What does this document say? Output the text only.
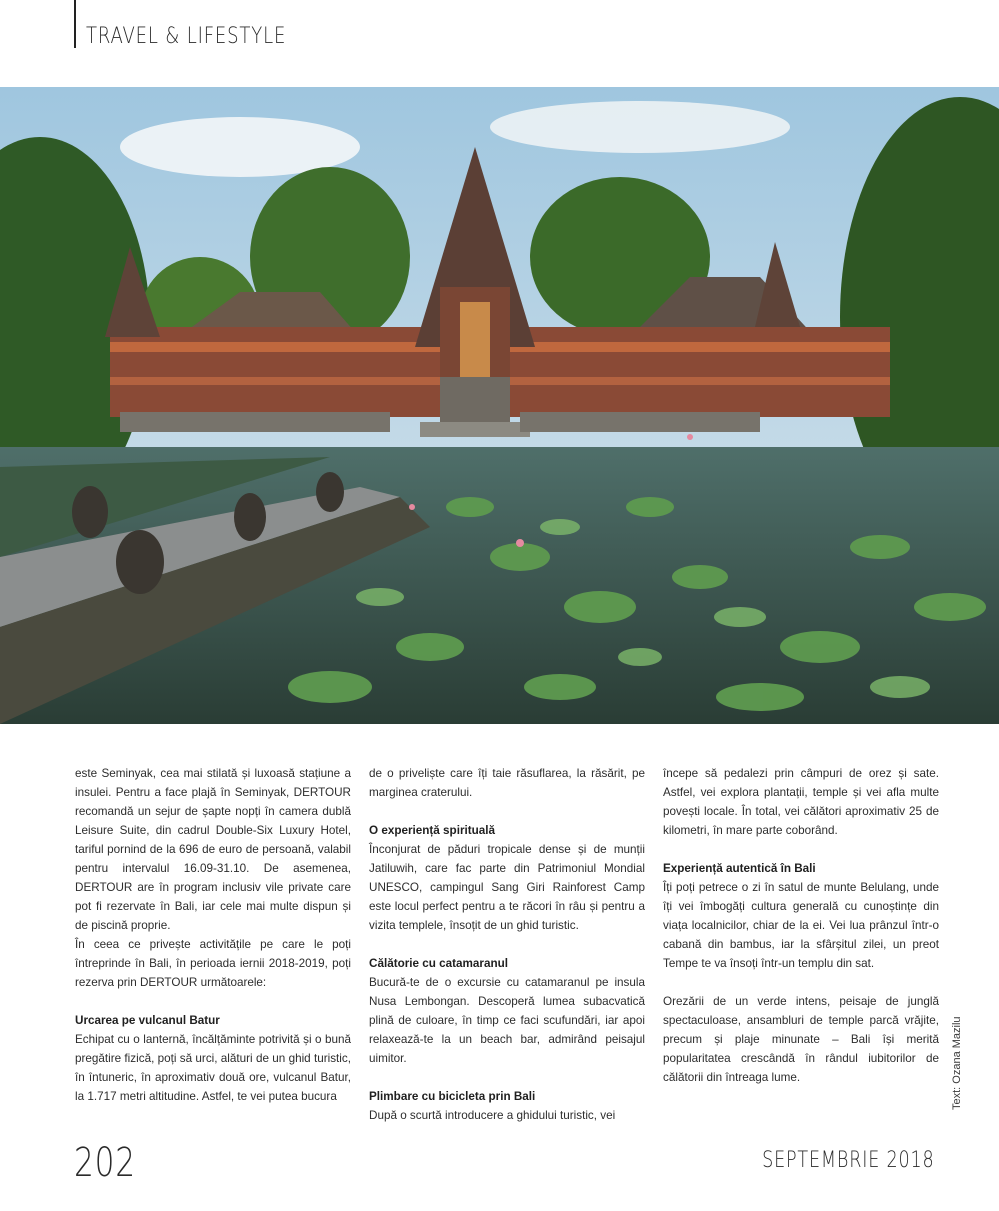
TRAVEL & LIFESTYLE

este Seminyak, cea mai stilată și luxoasă stațiune a insulei. Pentru a face plajă în Seminyak, DERTOUR recomandă un sejur de șapte nopți în camera dublă Leisure Suite, din cadrul Double-Six Luxury Hotel, tariful pornind de la 696 de euro de persoană, valabil pentru intervalul 16.09-31.10. De asemenea, DERTOUR are în program inclusiv vile private care pot fi rezervate în Bali, iar cele mai multe dispun și de piscină proprie.

În ceea ce privește activitățile pe care le poți întreprinde în Bali, în perioada iernii 2018-2019, poți rezerva prin DERTOUR următoarele:

Urcarea pe vulcanul Batur

Echipat cu o lanternă, încălțăminte potrivită și o bună pregătire fizică, poți să urci, alături de un ghid turistic, în întuneric, în aproximativ două ore, vulcanul Batur, la 1.717 metri altitudine. Astfel, te vei putea bucura

de o priveliște care îți taie răsuflarea, la răsărit, pe marginea craterului.

O experiență spirituală

Înconjurat de păduri tropicale dense și de munții Jatiluwih, care fac parte din Patrimoniul Mondial UNESCO, campingul Sang Giri Rainforest Camp este locul perfect pentru a te răcori în râu și pentru a vizita templele, însoțit de un ghid turistic.

Călătorie cu catamaranul

Bucură-te de o excursie cu catamaranul pe insula Nusa Lembongan. Descoperă lumea subacvatică plină de culoare, în timp ce faci scufundări, iar apoi relaxează-te la un beach bar, admirând peisajul uimitor.

Plimbare cu bicicleta prin Bali

După o scurtă introducere a ghidului turistic, vei

începe să pedalezi prin câmpuri de orez și sate. Astfel, vei explora plantații, temple și vei afla multe povești locale. În total, vei călători aproximativ 25 de kilometri, în mare parte coborând.

Experiență autentică în Bali

Îți poți petrece o zi în satul de munte Belulang, unde îți vei îmbogăți cultura generală cu cunoștințe din viața localnicilor, chiar de la ei. Vei lua prânzul într-o cabană din bambus, iar la sfârșitul zilei, un preot Tempe te va însoți într-un templu din sat.

Orezării de un verde intens, peisaje de junglă spectaculoase, ansambluri de temple parcă vrăjite, precum și plaje minunate – Bali își merită popularitatea crescândă în rândul iubitorilor de călătorii din întreaga lume.	Text: Ozana Mazilu
202	SEPTEMBRIE 2018
